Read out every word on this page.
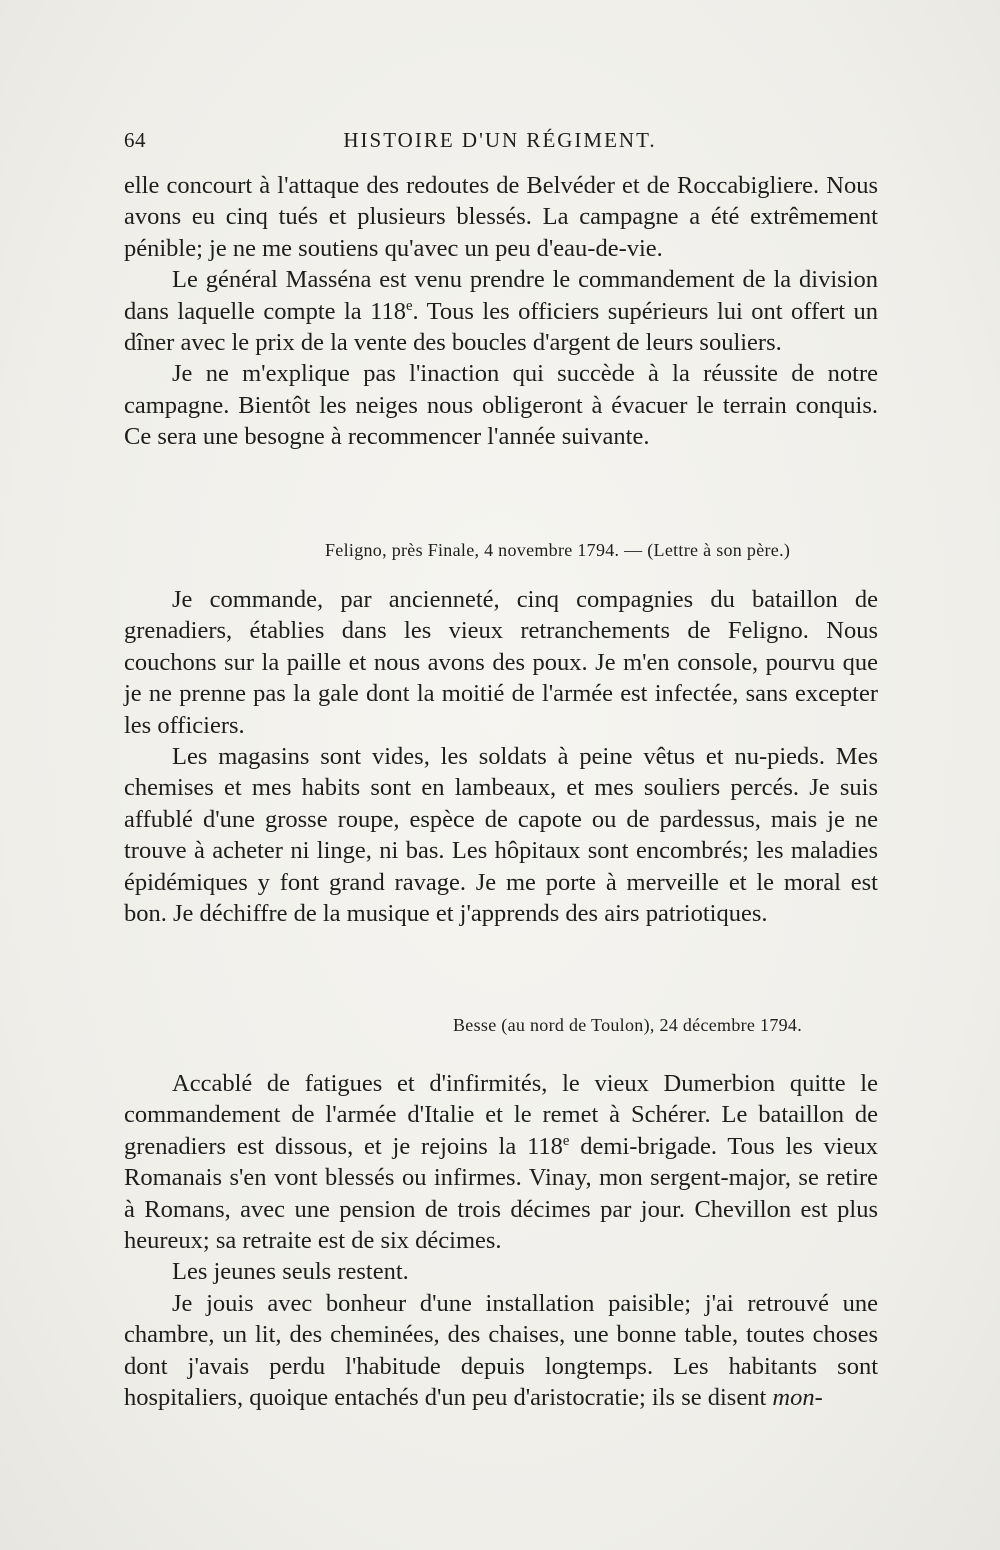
64	HISTOIRE D'UN RÉGIMENT.

elle concourt à l'attaque des redoutes de Belvéder et de Roccabigliere. Nous avons eu cinq tués et plusieurs blessés. La campagne a été extrêmement pénible; je ne me soutiens qu'avec un peu d'eau-de-vie.

Le général Masséna est venu prendre le commandement de la division dans laquelle compte la 118e. Tous les officiers supérieurs lui ont offert un dîner avec le prix de la vente des boucles d'argent de leurs souliers.

Je ne m'explique pas l'inaction qui succède à la réussite de notre campagne. Bientôt les neiges nous obligeront à évacuer le terrain conquis. Ce sera une besogne à recommencer l'année suivante.

Feligno, près Finale, 4 novembre 1794. — (Lettre à son père.)

Je commande, par ancienneté, cinq compagnies du bataillon de grenadiers, établies dans les vieux retranchements de Feligno. Nous couchons sur la paille et nous avons des poux. Je m'en console, pourvu que je ne prenne pas la gale dont la moitié de l'armée est infectée, sans excepter les officiers.

Les magasins sont vides, les soldats à peine vêtus et nu-pieds. Mes chemises et mes habits sont en lambeaux, et mes souliers percés. Je suis affublé d'une grosse roupe, espèce de capote ou de pardessus, mais je ne trouve à acheter ni linge, ni bas. Les hôpitaux sont encombrés; les maladies épidémiques y font grand ravage. Je me porte à merveille et le moral est bon. Je déchiffre de la musique et j'apprends des airs patriotiques.

Besse (au nord de Toulon), 24 décembre 1794.

Accablé de fatigues et d'infirmités, le vieux Dumerbion quitte le commandement de l'armée d'Italie et le remet à Schérer. Le bataillon de grenadiers est dissous, et je rejoins la 118e demi-brigade. Tous les vieux Romanais s'en vont blessés ou infirmes. Vinay, mon sergent-major, se retire à Romans, avec une pension de trois décimes par jour. Chevillon est plus heureux; sa retraite est de six décimes.

Les jeunes seuls restent.

Je jouis avec bonheur d'une installation paisible; j'ai retrouvé une chambre, un lit, des cheminées, des chaises, une bonne table, toutes choses dont j'avais perdu l'habitude depuis longtemps. Les habitants sont hospitaliers, quoique entachés d'un peu d'aristocratie; ils se disent mon-
